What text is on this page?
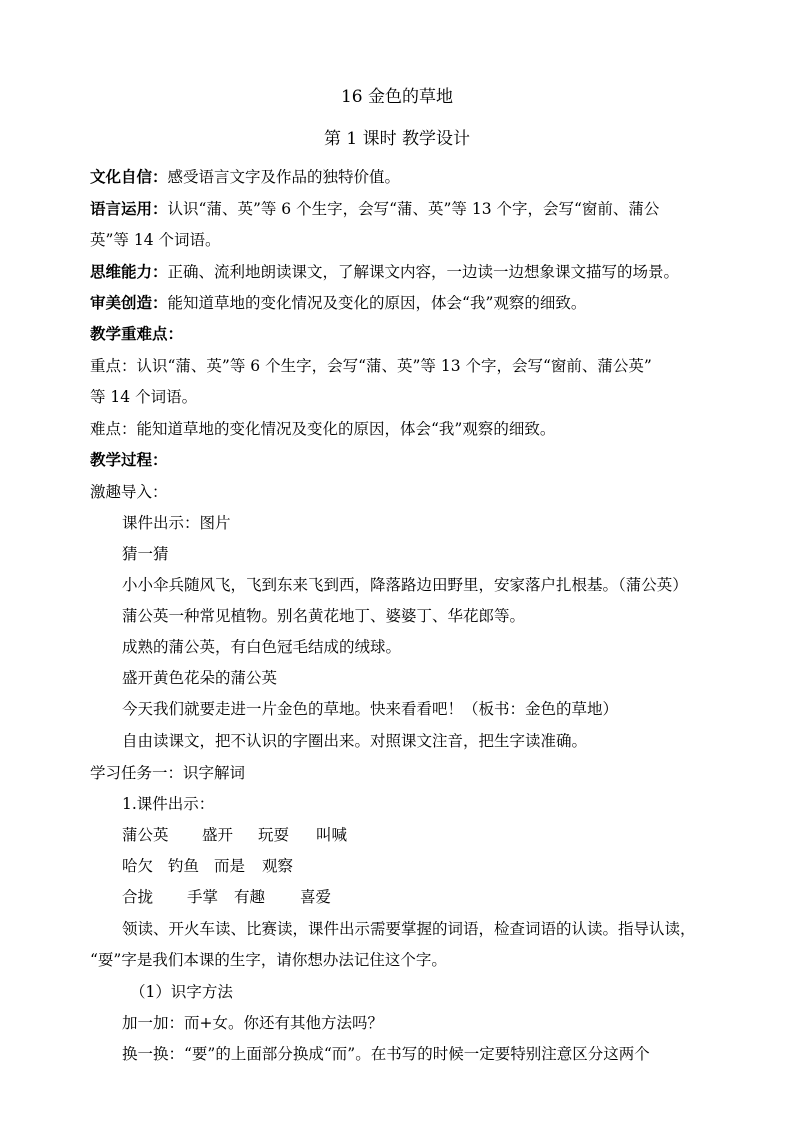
16 金色的草地
第 1 课时 教学设计
文化自信：感受语言文字及作品的独特价值。
语言运用：认识“蒲、英”等 6 个生字，会写“蒲、英”等 13 个字，会写“窗前、蒲公
英”等 14 个词语。
思维能力：正确、流利地朗读课文，了解课文内容，一边读一边想象课文描写的场景。
审美创造：能知道草地的变化情况及变化的原因，体会“我”观察的细致。
教学重难点：
重点：认识“蒲、英”等 6 个生字，会写“蒲、英”等 13 个字，会写“窗前、蒲公英”
等 14 个词语。
难点：能知道草地的变化情况及变化的原因，体会“我”观察的细致。
教学过程：
激趣导入：
课件出示：图片
猜一猜
小小伞兵随风飞，飞到东来飞到西，降落路边田野里，安家落户扎根基。（蒲公英）
蒲公英一种常见植物。别名黄花地丁、婆婆丁、华花郎等。
成熟的蒲公英，有白色冠毛结成的绒球。
盛开黄色花朵的蒲公英
今天我们就要走进一片金色的草地。快来看看吧！（板书：金色的草地）
自由读课文，把不认识的字圈出来。对照课文注音，把生字读准确。
学习任务一：识字解词
1.课件出示：
蒲公英 盛开 玩耍 叫喊
哈欠 钓鱼 而是 观察
合拢 手掌 有趣 喜爱
领读、开火车读、比赛读，课件出示需要掌握的词语，检查词语的认读。指导认读，
“耍”字是我们本课的生字，请你想办法记住这个字。
（1）识字方法
加一加：而+女。你还有其他方法吗？
换一换：“要”的上面部分换成“而”。在书写的时候一定要特别注意区分这两个
